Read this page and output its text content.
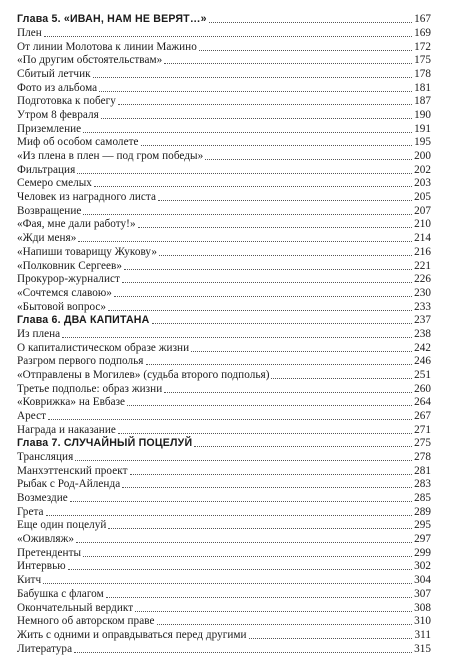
Глава 5. «ИВАН, НАМ НЕ ВЕРЯТ…»	167
Плен	169
От линии Молотова к линии Мажино	172
«По другим обстоятельствам»	175
Сбитый летчик	178
Фото из альбома	181
Подготовка к побегу	187
Утром 8 февраля	190
Приземление	191
Миф об особом самолете	195
«Из плена в плен — под гром победы»	200
Фильтрация	202
Семеро смелых	203
Человек из наградного листа	205
Возвращение	207
«Фая, мне дали работу!»	210
«Жди меня»	214
«Напиши товарищу Жукову»	216
«Полковник Сергеев»	221
Прокурор-журналист	226
«Сочтемся славою»	230
«Бытовой вопрос»	233
Глава 6. ДВА КАПИТАНА	237
Из плена	238
О капиталистическом образе жизни	242
Разгром первого подполья	246
«Отправлены в Могилев» (судьба второго подполья)	251
Третье подполье: образ жизни	260
«Коврижка» на Евбазе	264
Арест	267
Награда и наказание	271
Глава 7. СЛУЧАЙНЫЙ ПОЦЕЛУЙ	275
Трансляция	278
Манхэттенский проект	281
Рыбак с Род-Айленда	283
Возмездие	285
Грета	289
Еще один поцелуй	295
«Оживляж»	297
Претенденты	299
Интервью	302
Китч	304
Бабушка с флагом	307
Окончательный вердикт	308
Немного об авторском праве	310
Жить с одними и оправдываться перед другими	311
Литература	315
